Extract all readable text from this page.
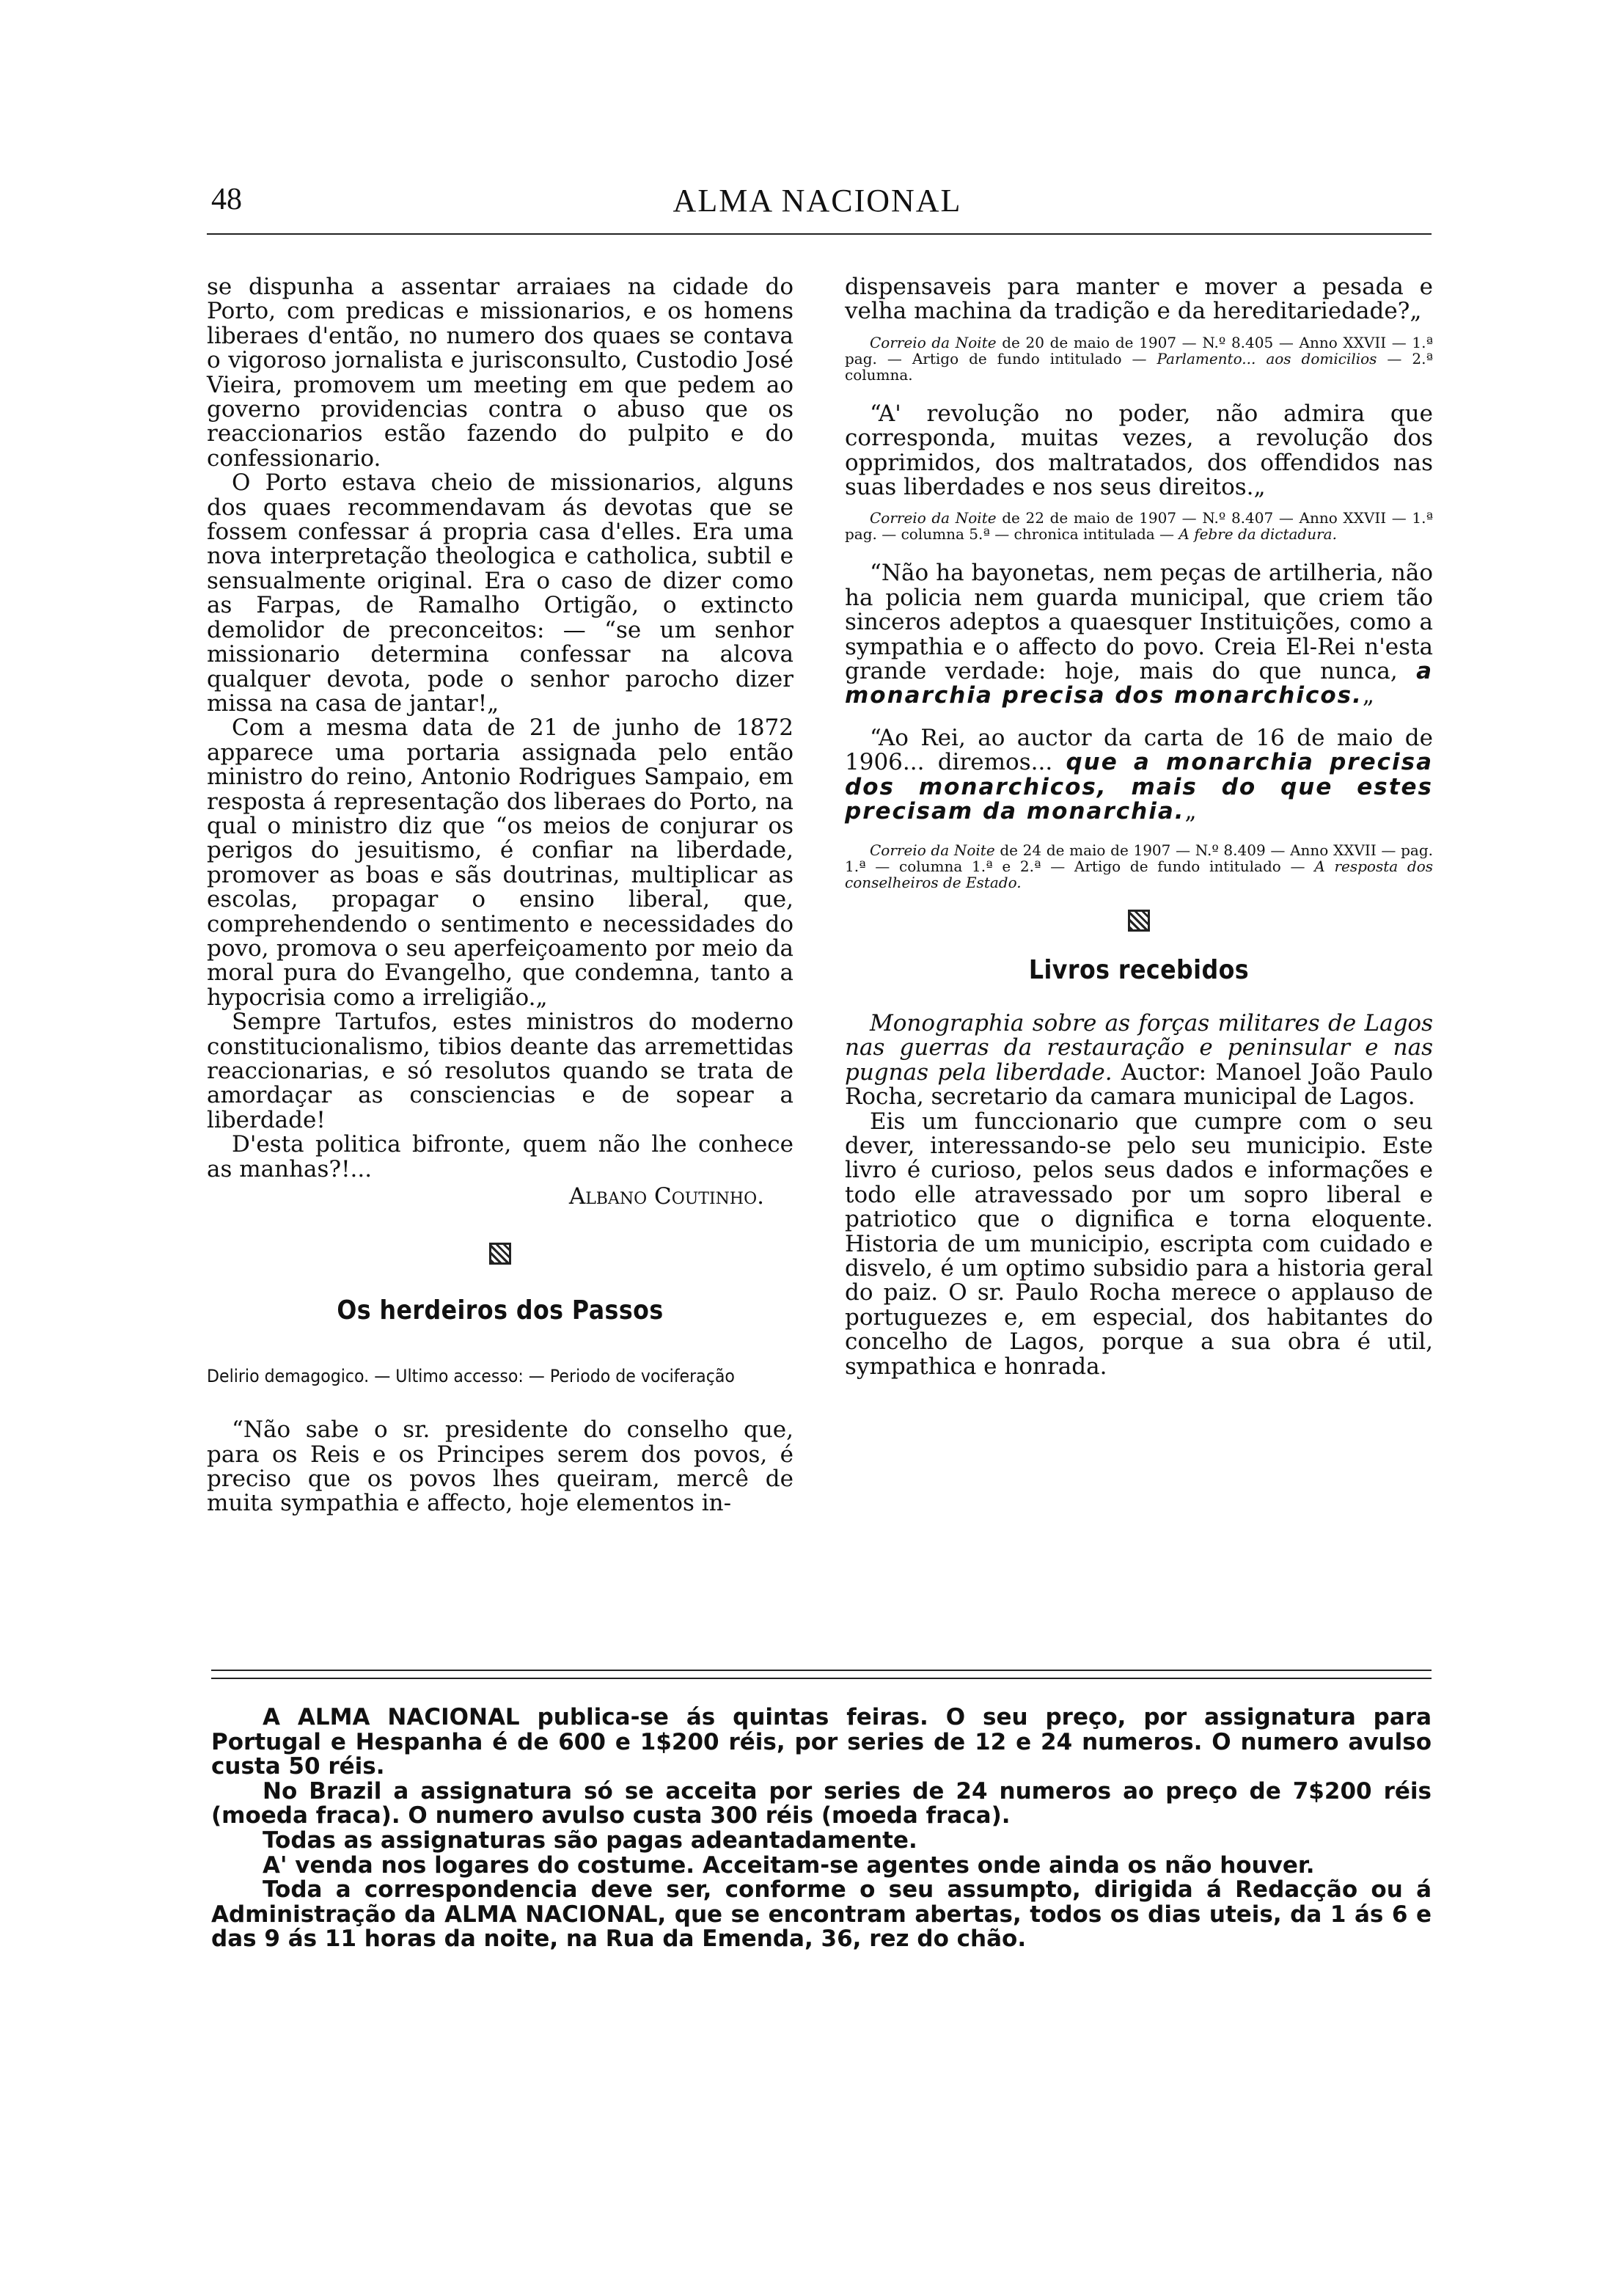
48	ALMA NACIONAL

se dispunha a assentar arraiaes na cidade do Porto, com predicas e missionarios, e os homens liberaes d'então, no numero dos quaes se contava o vigoroso jornalista e jurisconsulto, Custodio José Vieira, promovem um meeting em que pedem ao governo providencias contra o abuso que os reaccionarios estão fazendo do pulpito e do confessionario.

O Porto estava cheio de missionarios, alguns dos quaes recommendavam ás devotas que se fossem confessar á propria casa d'elles. Era uma nova interpretação theologica e catholica, subtil e sensualmente original. Era o caso de dizer como as Farpas, de Ramalho Ortigão, o extincto demolidor de preconceitos: — “se um senhor missionario determina confessar na alcova qualquer devota, pode o senhor parocho dizer missa na casa de jantar!„

Com a mesma data de 21 de junho de 1872 apparece uma portaria assignada pelo então ministro do reino, Antonio Rodrigues Sampaio, em resposta á representação dos liberaes do Porto, na qual o ministro diz que “os meios de conjurar os perigos do jesuitismo, é confiar na liberdade, promover as boas e sãs doutrinas, multiplicar as escolas, propagar o ensino liberal, que, comprehendendo o sentimento e necessidades do povo, promova o seu aperfeiçoamento por meio da moral pura do Evangelho, que condemna, tanto a hypocrisia como a irreligião.„

Sempre Tartufos, estes ministros do moderno constitucionalismo, tibios deante das arremettidas reaccionarias, e só resolutos quando se trata de amordaçar as consciencias e de sopear a liberdade!

D'esta politica bifronte, quem não lhe conhece as manhas?!...

Albano Coutinho.

Os herdeiros dos Passos

Delirio demagogico. — Ultimo accesso: — Periodo de vociferação

“Não sabe o sr. presidente do conselho que, para os Reis e os Principes serem dos povos, é preciso que os povos lhes queiram, mercê de muita sympathia e affecto, hoje elementos in-

dispensaveis para manter e mover a pesada e velha machina da tradição e da hereditariedade?„

Correio da Noite de 20 de maio de 1907 — N.º 8.405 — Anno XXVII — 1.ª pag. — Artigo de fundo intitulado — Parlamento... aos domicilios — 2.ª columna.

“A' revolução no poder, não admira que corresponda, muitas vezes, a revolução dos opprimidos, dos maltratados, dos offendidos nas suas liberdades e nos seus direitos.„

Correio da Noite de 22 de maio de 1907 — N.º 8.407 — Anno XXVII — 1.ª pag. — columna 5.ª — chronica intitulada — A febre da dictadura.

“Não ha bayonetas, nem peças de artilheria, não ha policia nem guarda municipal, que criem tão sinceros adeptos a quaesquer Instituições, como a sympathia e o affecto do povo. Creia El-Rei n'esta grande verdade: hoje, mais do que nunca, a monarchia precisa dos monarchicos.„

“Ao Rei, ao auctor da carta de 16 de maio de 1906... diremos... que a monarchia precisa dos monarchicos, mais do que estes precisam da monarchia.„

Correio da Noite de 24 de maio de 1907 — N.º 8.409 — Anno XXVII — pag. 1.ª — columna 1.ª e 2.ª — Artigo de fundo intitulado — A resposta dos conselheiros de Estado.

Livros recebidos

Monographia sobre as forças militares de Lagos nas guerras da restauração e peninsular e nas pugnas pela liberdade. Auctor: Manoel João Paulo Rocha, secretario da camara municipal de Lagos.

Eis um funccionario que cumpre com o seu dever, interessando-se pelo seu municipio. Este livro é curioso, pelos seus dados e informações e todo elle atravessado por um sopro liberal e patriotico que o dignifica e torna eloquente. Historia de um municipio, escripta com cuidado e disvelo, é um optimo subsidio para a historia geral do paiz. O sr. Paulo Rocha merece o applauso de portuguezes e, em especial, dos habitantes do concelho de Lagos, porque a sua obra é util, sympathica e honrada.

A ALMA NACIONAL publica-se ás quintas feiras. O seu preço, por assignatura para Portugal e Hespanha é de 600 e 1$200 réis, por series de 12 e 24 numeros. O numero avulso custa 50 réis.

No Brazil a assignatura só se acceita por series de 24 numeros ao preço de 7$200 réis (moeda fraca). O numero avulso custa 300 réis (moeda fraca).

Todas as assignaturas são pagas adeantadamente.

A' venda nos logares do costume. Acceitam-se agentes onde ainda os não houver.

Toda a correspondencia deve ser, conforme o seu assumpto, dirigida á Redacção ou á Administração da ALMA NACIONAL, que se encontram abertas, todos os dias uteis, da 1 ás 6 e das 9 ás 11 horas da noite, na Rua da Emenda, 36, rez do chão.
